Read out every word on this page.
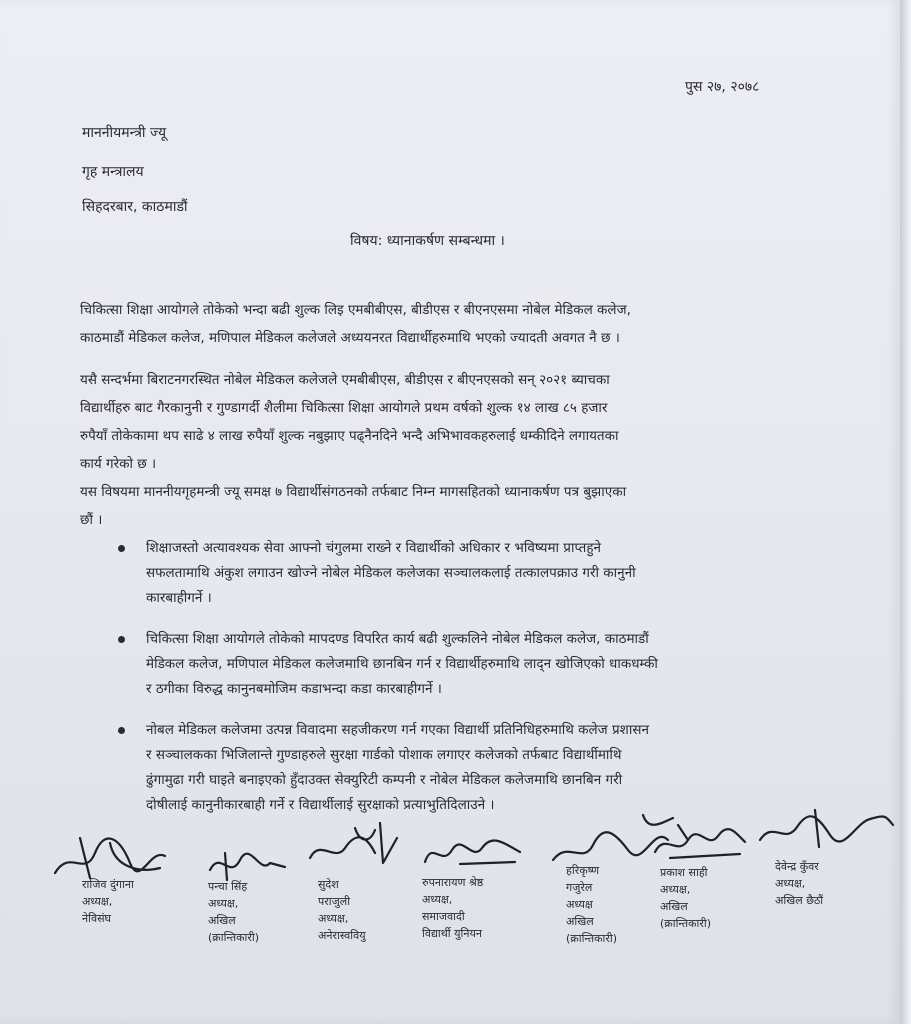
पुस २७, २०७८
माननीयमन्त्री ज्यू
गृह मन्त्रालय
सिहदरबार, काठमाडौं
विषय: ध्यानाकर्षण सम्बन्धमा ।
चिकित्सा शिक्षा आयोगले तोकेको भन्दा बढी शुल्क लिइ एमबीबीएस, बीडीएस र बीएनएसमा नोबेल मेडिकल कलेज,
काठमाडौं मेडिकल कलेज, मणिपाल मेडिकल कलेजले अध्ययनरत विद्यार्थीहरुमाथि भएको ज्यादती अवगत नै छ ।
यसै सन्दर्भमा बिराटनगरस्थित नोबेल मेडिकल कलेजले एमबीबीएस, बीडीएस र बीएनएसको सन् २०२१ ब्याचका
विद्यार्थीहरु बाट गैरकानुनी र गुण्डागर्दी शैलीमा चिकित्सा शिक्षा आयोगले प्रथम वर्षको शुल्क १४ लाख ८५ हजार
रुपैयाँ तोकेकामा थप साढे ४ लाख रुपैयाँ शुल्क नबुझाए पढ्नैनदिने भन्दै अभिभावकहरुलाई धम्कीदिने लगायतका
कार्य गरेको छ ।
यस विषयमा माननीयगृहमन्त्री ज्यू समक्ष ७ विद्यार्थीसंगठनको तर्फबाट निम्न मागसहितको ध्यानाकर्षण पत्र बुझाएका
छौं ।
शिक्षाजस्तो अत्यावश्यक सेवा आफ्नो चंगुलमा राख्ने र विद्यार्थीको अधिकार र भविष्यमा प्राप्तहुने
सफलतामाथि अंकुश लगाउन खोज्ने नोबेल मेडिकल कलेजका सञ्चालकलाई तत्कालपक्राउ गरी कानुनी
कारबाहीगर्ने ।
चिकित्सा शिक्षा आयोगले तोकेको मापदण्ड विपरित कार्य बढी शुल्कलिने नोबेल मेडिकल कलेज, काठमाडौं
मेडिकल कलेज, मणिपाल मेडिकल कलेजमाथि छानबिन गर्न र विद्यार्थीहरुमाथि लाद्न खोजिएको धाकधम्की
र ठगीका विरुद्ध कानुनबमोजिम कडाभन्दा कडा कारबाहीगर्ने ।
नोबल मेडिकल कलेजमा उत्पन्न विवादमा सहजीकरण गर्न गएका विद्यार्थी प्रतिनिधिहरुमाथि कलेज प्रशासन
र सञ्चालकका भिजिलान्ते गुण्डाहरुले सुरक्षा गार्डको पोशाक लगाएर कलेजको तर्फबाट विद्यार्थीमाथि
ढुंगामुढा गरी घाइते बनाइएको हुँदाउक्त सेक्युरिटी कम्पनी र नोबेल मेडिकल कलेजमाथि छानबिन गरी
दोषीलाई कानुनीकारबाही गर्ने र विद्यार्थीलाई सुरक्षाको प्रत्याभुतिदिलाउने ।
राजिव दुंगाना
अध्यक्ष,
नेविसंघ
पन्चा सिंह
अध्यक्ष,
अखिल
(क्रान्तिकारी)
सुदेश
पराजुली
अध्यक्ष,
अनेरास्ववियु
रुपनारायण श्रेष्ठ
अध्यक्ष,
समाजवादी
विद्यार्थी युनियन
हरिकृष्ण
गजुरेल
अध्यक्ष
अखिल
(क्रान्तिकारी)
प्रकाश साही
अध्यक्ष,
अखिल
(क्रान्तिकारी)
देवेन्द्र कुँवर
अध्यक्ष,
अखिल छैठौं
